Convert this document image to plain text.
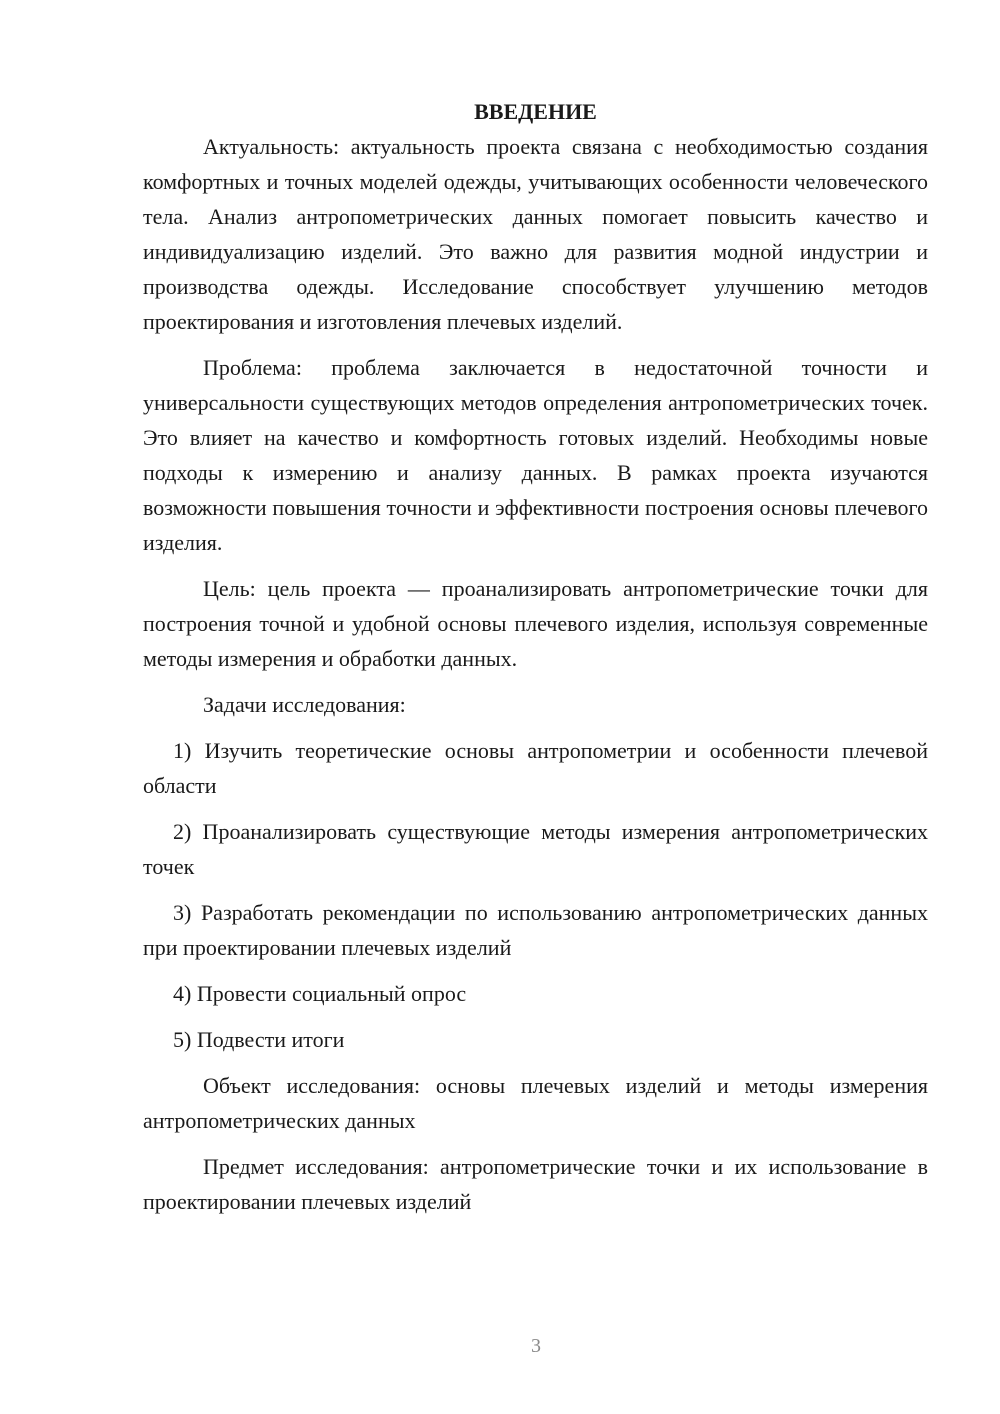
ВВЕДЕНИЕ

Актуальность: актуальность проекта связана с необходимостью создания комфортных и точных моделей одежды, учитывающих особенности человеческого тела. Анализ антропометрических данных помогает повысить качество и индивидуализацию изделий. Это важно для развития модной индустрии и производства одежды. Исследование способствует улучшению методов проектирования и изготовления плечевых изделий.

Проблема: проблема заключается в недостаточной точности и универсальности существующих методов определения антропометрических точек. Это влияет на качество и комфортность готовых изделий. Необходимы новые подходы к измерению и анализу данных. В рамках проекта изучаются возможности повышения точности и эффективности построения основы плечевого изделия.

Цель: цель проекта — проанализировать антропометрические точки для построения точной и удобной основы плечевого изделия, используя современные методы измерения и обработки данных.

Задачи исследования:

1) Изучить теоретические основы антропометрии и особенности плечевой области

2) Проанализировать существующие методы измерения антропометрических точек

3) Разработать рекомендации по использованию антропометрических данных при проектировании плечевых изделий

4) Провести социальный опрос

5) Подвести итоги

Объект исследования: основы плечевых изделий и методы измерения антропометрических данных

Предмет исследования: антропометрические точки и их использование в проектировании плечевых изделий

3
